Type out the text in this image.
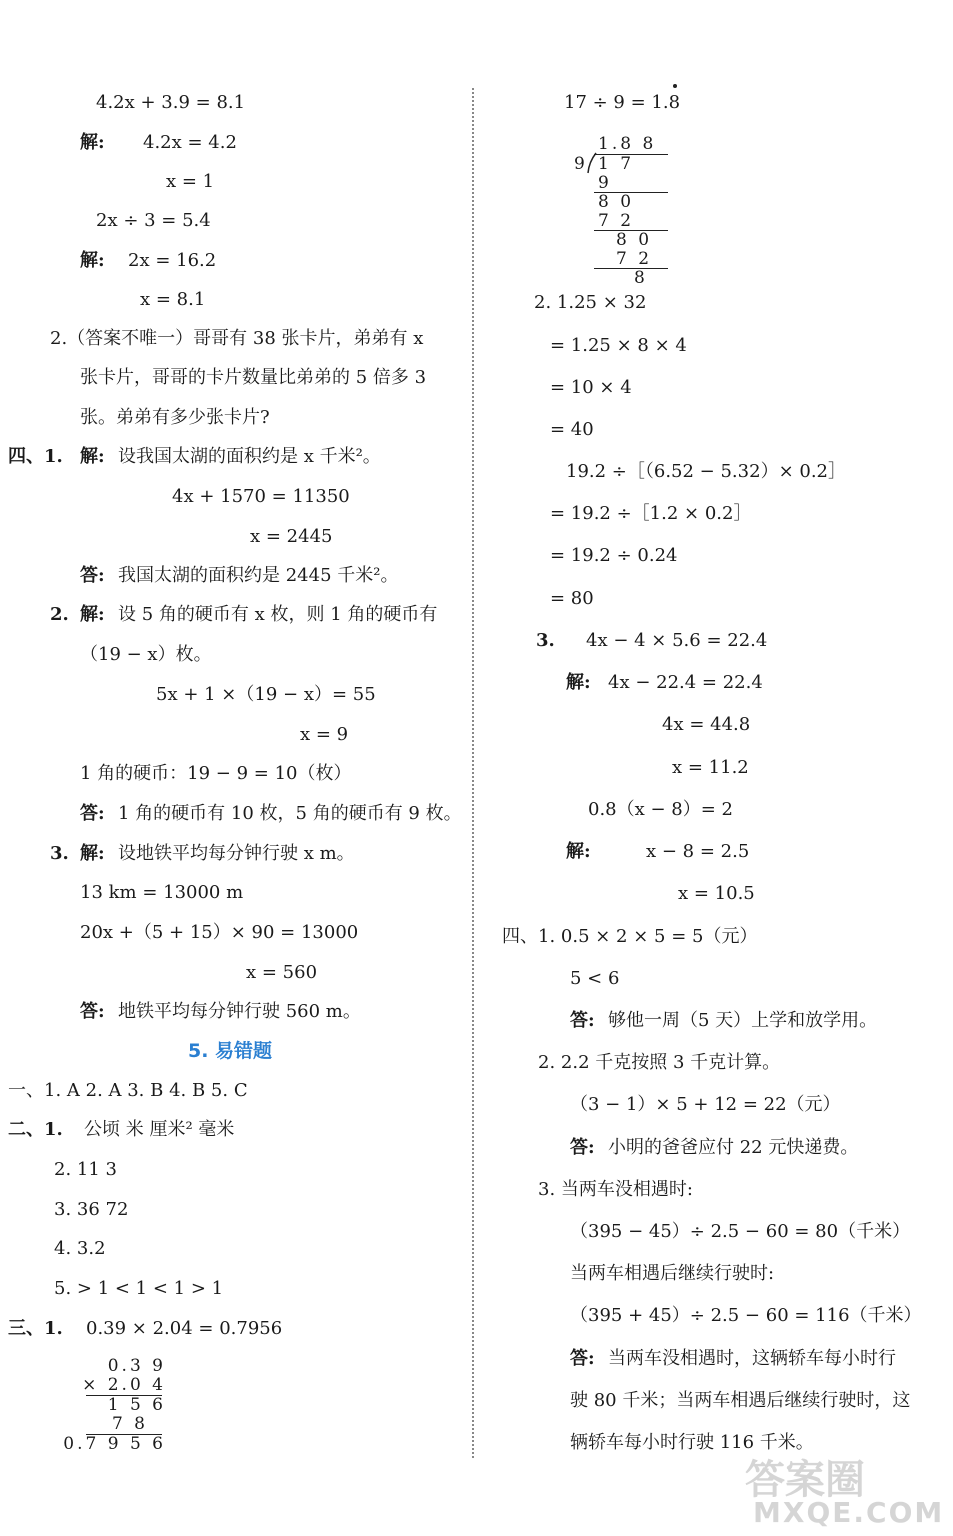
4.2x + 3.9 = 8.1
解: 4.2x = 4.2
x = 1
2x ÷ 3 = 5.4
解: 2x = 16.2
x = 8.1
2.（答案不唯一）哥哥有 38 张卡片，弟弟有 x
张卡片，哥哥的卡片数量比弟弟的 5 倍多 3
张。弟弟有多少张卡片?
四、1. 解: 设我国太湖的面积约是 x 千米²。
4x + 1570 = 11350
x = 2445
答: 我国太湖的面积约是 2445 千米²。
2. 解: 设 5 角的硬币有 x 枚，则 1 角的硬币有
（19 − x）枚。
5x + 1 ×（19 − x）= 55
x = 9
1 角的硬币：19 − 9 = 10（枚）
答: 1 角的硬币有 10 枚，5 角的硬币有 9 枚。
3. 解: 设地铁平均每分钟行驶 x m。
13 km = 13000 m
20x +（5 + 15）× 90 = 13000
x = 560
答: 地铁平均每分钟行驶 560 m。
5. 易错题
一、1. A 2. A 3. B 4. B 5. C
二、1. 公顷 米 厘米² 毫米
2. 11 3
3. 36 72
4. 3.2
5. > 1 < 1 < 1 > 1
三、1. 0.39 × 2.04 = 0.7956
0.3 9
× 2.0 4
1 5 6
7 8
0.7 9 5 6
17 ÷ 9 = 1.8
1.8 8
9 1 7
9
8 0
7 2
8 0
7 2
8
2. 1.25 × 32
= 1.25 × 8 × 4
= 10 × 4
= 40
19.2 ÷［（6.52 − 5.32）× 0.2］
= 19.2 ÷［1.2 × 0.2］
= 19.2 ÷ 0.24
= 80
3. 4x − 4 × 5.6 = 22.4
解: 4x − 22.4 = 22.4
4x = 44.8
x = 11.2
0.8（x − 8）= 2
解:	x − 8 = 2.5
x = 10.5
四、1. 0.5 × 2 × 5 = 5（元）
5 < 6
答: 够他一周（5 天）上学和放学用。
2. 2.2 千克按照 3 千克计算。
（3 − 1）× 5 + 12 = 22（元）
答: 小明的爸爸应付 22 元快递费。
3. 当两车没相遇时:
（395 − 45）÷ 2.5 − 60 = 80（千米）
当两车相遇后继续行驶时:
（395 + 45）÷ 2.5 − 60 = 116（千米）
答: 当两车没相遇时，这辆轿车每小时行
驶 80 千米；当两车相遇后继续行驶时，这
辆轿车每小时行驶 116 千米。
答案圈
MXQE.COM
